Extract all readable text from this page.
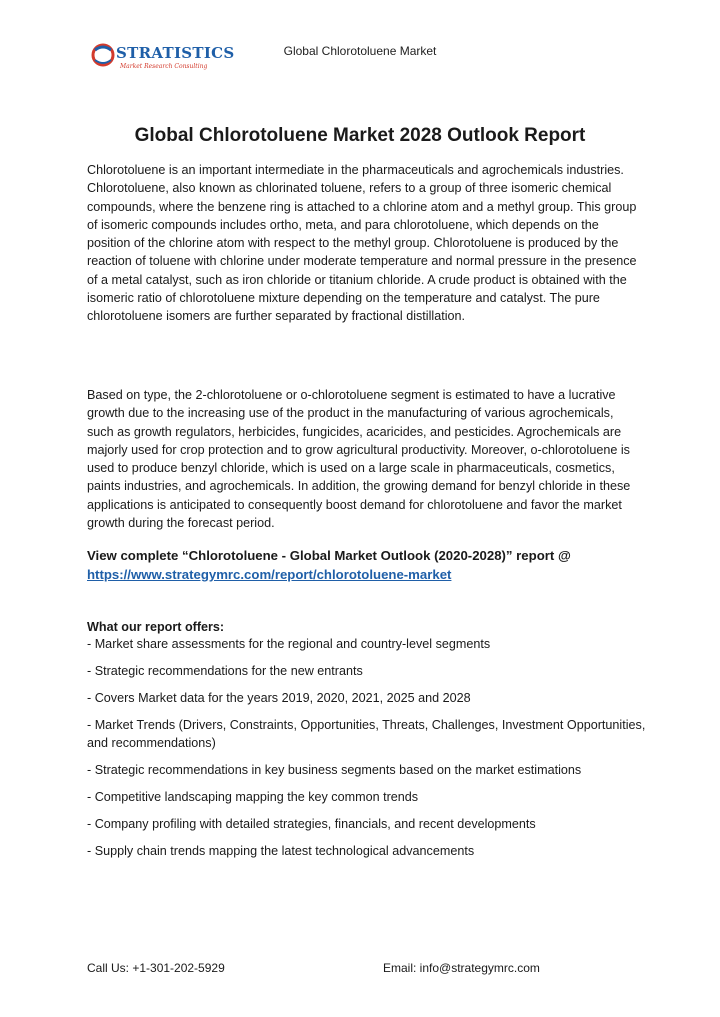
Global Chlorotoluene Market
STRATISTICS
Market Research Consulting
Global Chlorotoluene Market 2028 Outlook Report

Chlorotoluene is an important intermediate in the pharmaceuticals and agrochemicals industries. Chlorotoluene, also known as chlorinated toluene, refers to a group of three isomeric chemical compounds, where the benzene ring is attached to a chlorine atom and a methyl group. This group of isomeric compounds includes ortho, meta, and para chlorotoluene, which depends on the position of the chlorine atom with respect to the methyl group. Chlorotoluene is produced by the reaction of toluene with chlorine under moderate temperature and normal pressure in the presence of a metal catalyst, such as iron chloride or titanium chloride. A crude product is obtained with the isomeric ratio of chlorotoluene mixture depending on the temperature and catalyst. The pure chlorotoluene isomers are further separated by fractional distillation.

Based on type, the 2-chlorotoluene or o-chlorotoluene segment is estimated to have a lucrative growth due to the increasing use of the product in the manufacturing of various agrochemicals, such as growth regulators, herbicides, fungicides, acaricides, and pesticides. Agrochemicals are majorly used for crop protection and to grow agricultural productivity. Moreover, o-chlorotoluene is used to produce benzyl chloride, which is used on a large scale in pharmaceuticals, cosmetics, paints industries, and agrochemicals. In addition, the growing demand for benzyl chloride in these applications is anticipated to consequently boost demand for chlorotoluene and favor the market growth during the forecast period.

View complete “Chlorotoluene - Global Market Outlook (2020-2028)” report @
https://www.strategymrc.com/report/chlorotoluene-market

What our report offers:

- Market share assessments for the regional and country-level segments

- Strategic recommendations for the new entrants

- Covers Market data for the years 2019, 2020, 2021, 2025 and 2028

- Market Trends (Drivers, Constraints, Opportunities, Threats, Challenges, Investment Opportunities, and recommendations)

- Strategic recommendations in key business segments based on the market estimations

- Competitive landscaping mapping the key common trends

- Company profiling with detailed strategies, financials, and recent developments

- Supply chain trends mapping the latest technological advancements

Call Us: +1-301-202-5929	Email: info@strategymrc.com
